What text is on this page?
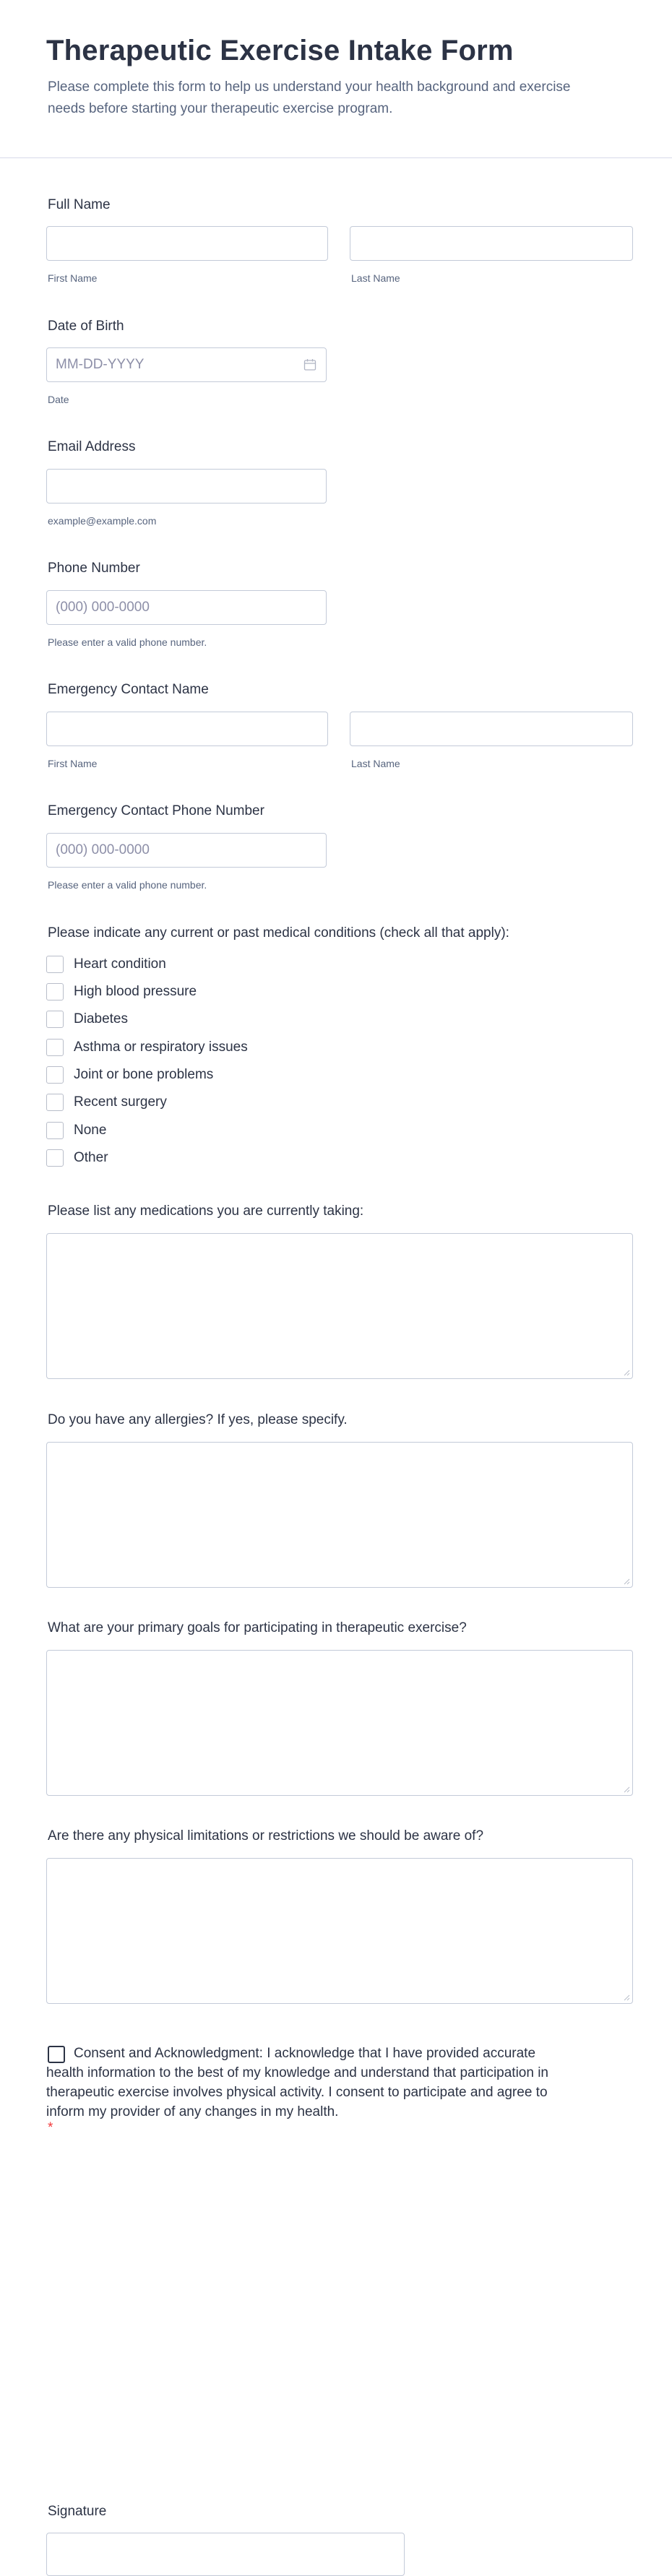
Therapeutic Exercise Intake Form
Please complete this form to help us understand your health background and exercise needs before starting your therapeutic exercise program.
Full Name
First Name	Last Name
Date of Birth
MM-DD-YYYY
Date
Email Address
example@example.com
Phone Number
(000) 000-0000
Please enter a valid phone number.
Emergency Contact Name
First Name	Last Name
Emergency Contact Phone Number
(000) 000-0000
Please enter a valid phone number.
Please indicate any current or past medical conditions (check all that apply):
Heart condition
High blood pressure
Diabetes
Asthma or respiratory issues
Joint or bone problems
Recent surgery
None
Other
Please list any medications you are currently taking:
Do you have any allergies? If yes, please specify.
What are your primary goals for participating in therapeutic exercise?
Are there any physical limitations or restrictions we should be aware of?
Consent and Acknowledgment: I acknowledge that I have provided accurate health information to the best of my knowledge and understand that participation in therapeutic exercise involves physical activity. I consent to participate and agree to inform my provider of any changes in my health.
*
Signature
